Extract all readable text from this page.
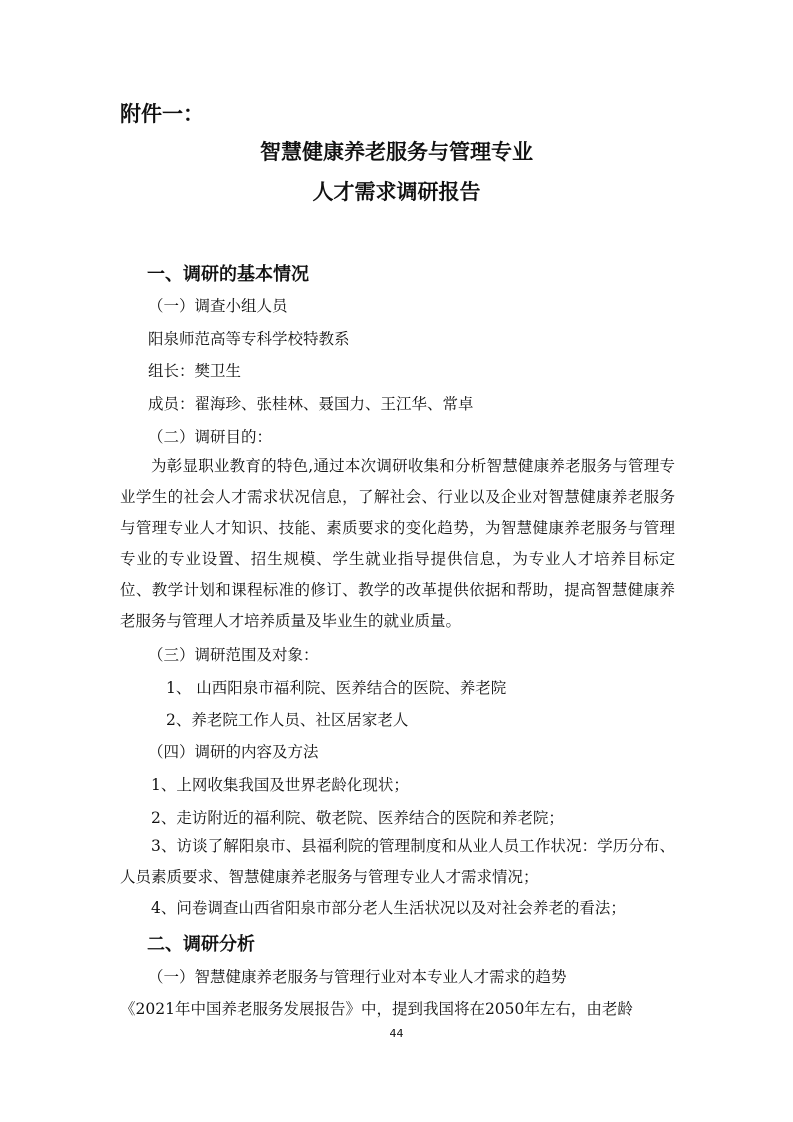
附件一：
智慧健康养老服务与管理专业
人才需求调研报告
一、调研的基本情况
（一）调查小组人员
阳泉师范高等专科学校特教系
组长：樊卫生
成员：翟海珍、张桂林、聂国力、王江华、常卓
（二）调研目的：

为彰显职业教育的特色,通过本次调研收集和分析智慧健康养老服务与管理专业学生的社会人才需求状况信息，了解社会、行业以及企业对智慧健康养老服务与管理专业人才知识、技能、素质要求的变化趋势，为智慧健康养老服务与管理专业的专业设置、招生规模、学生就业指导提供信息，为专业人才培养目标定位、教学计划和课程标准的修订、教学的改革提供依据和帮助，提高智慧健康养老服务与管理人才培养质量及毕业生的就业质量。

（三）调研范围及对象：
1、 山西阳泉市福利院、医养结合的医院、养老院
2、养老院工作人员、社区居家老人
（四）调研的内容及方法
1、上网收集我国及世界老龄化现状；
2、走访附近的福利院、敬老院、医养结合的医院和养老院；

3、访谈了解阳泉市、县福利院的管理制度和从业人员工作状况：学历分布、人员素质要求、智慧健康养老服务与管理专业人才需求情况；

4、问卷调查山西省阳泉市部分老人生活状况以及对社会养老的看法；
二、调研分析
（一）智慧健康养老服务与管理行业对本专业人才需求的趋势
《2021年中国养老服务发展报告》中，提到我国将在2050年左右，由老龄
44
